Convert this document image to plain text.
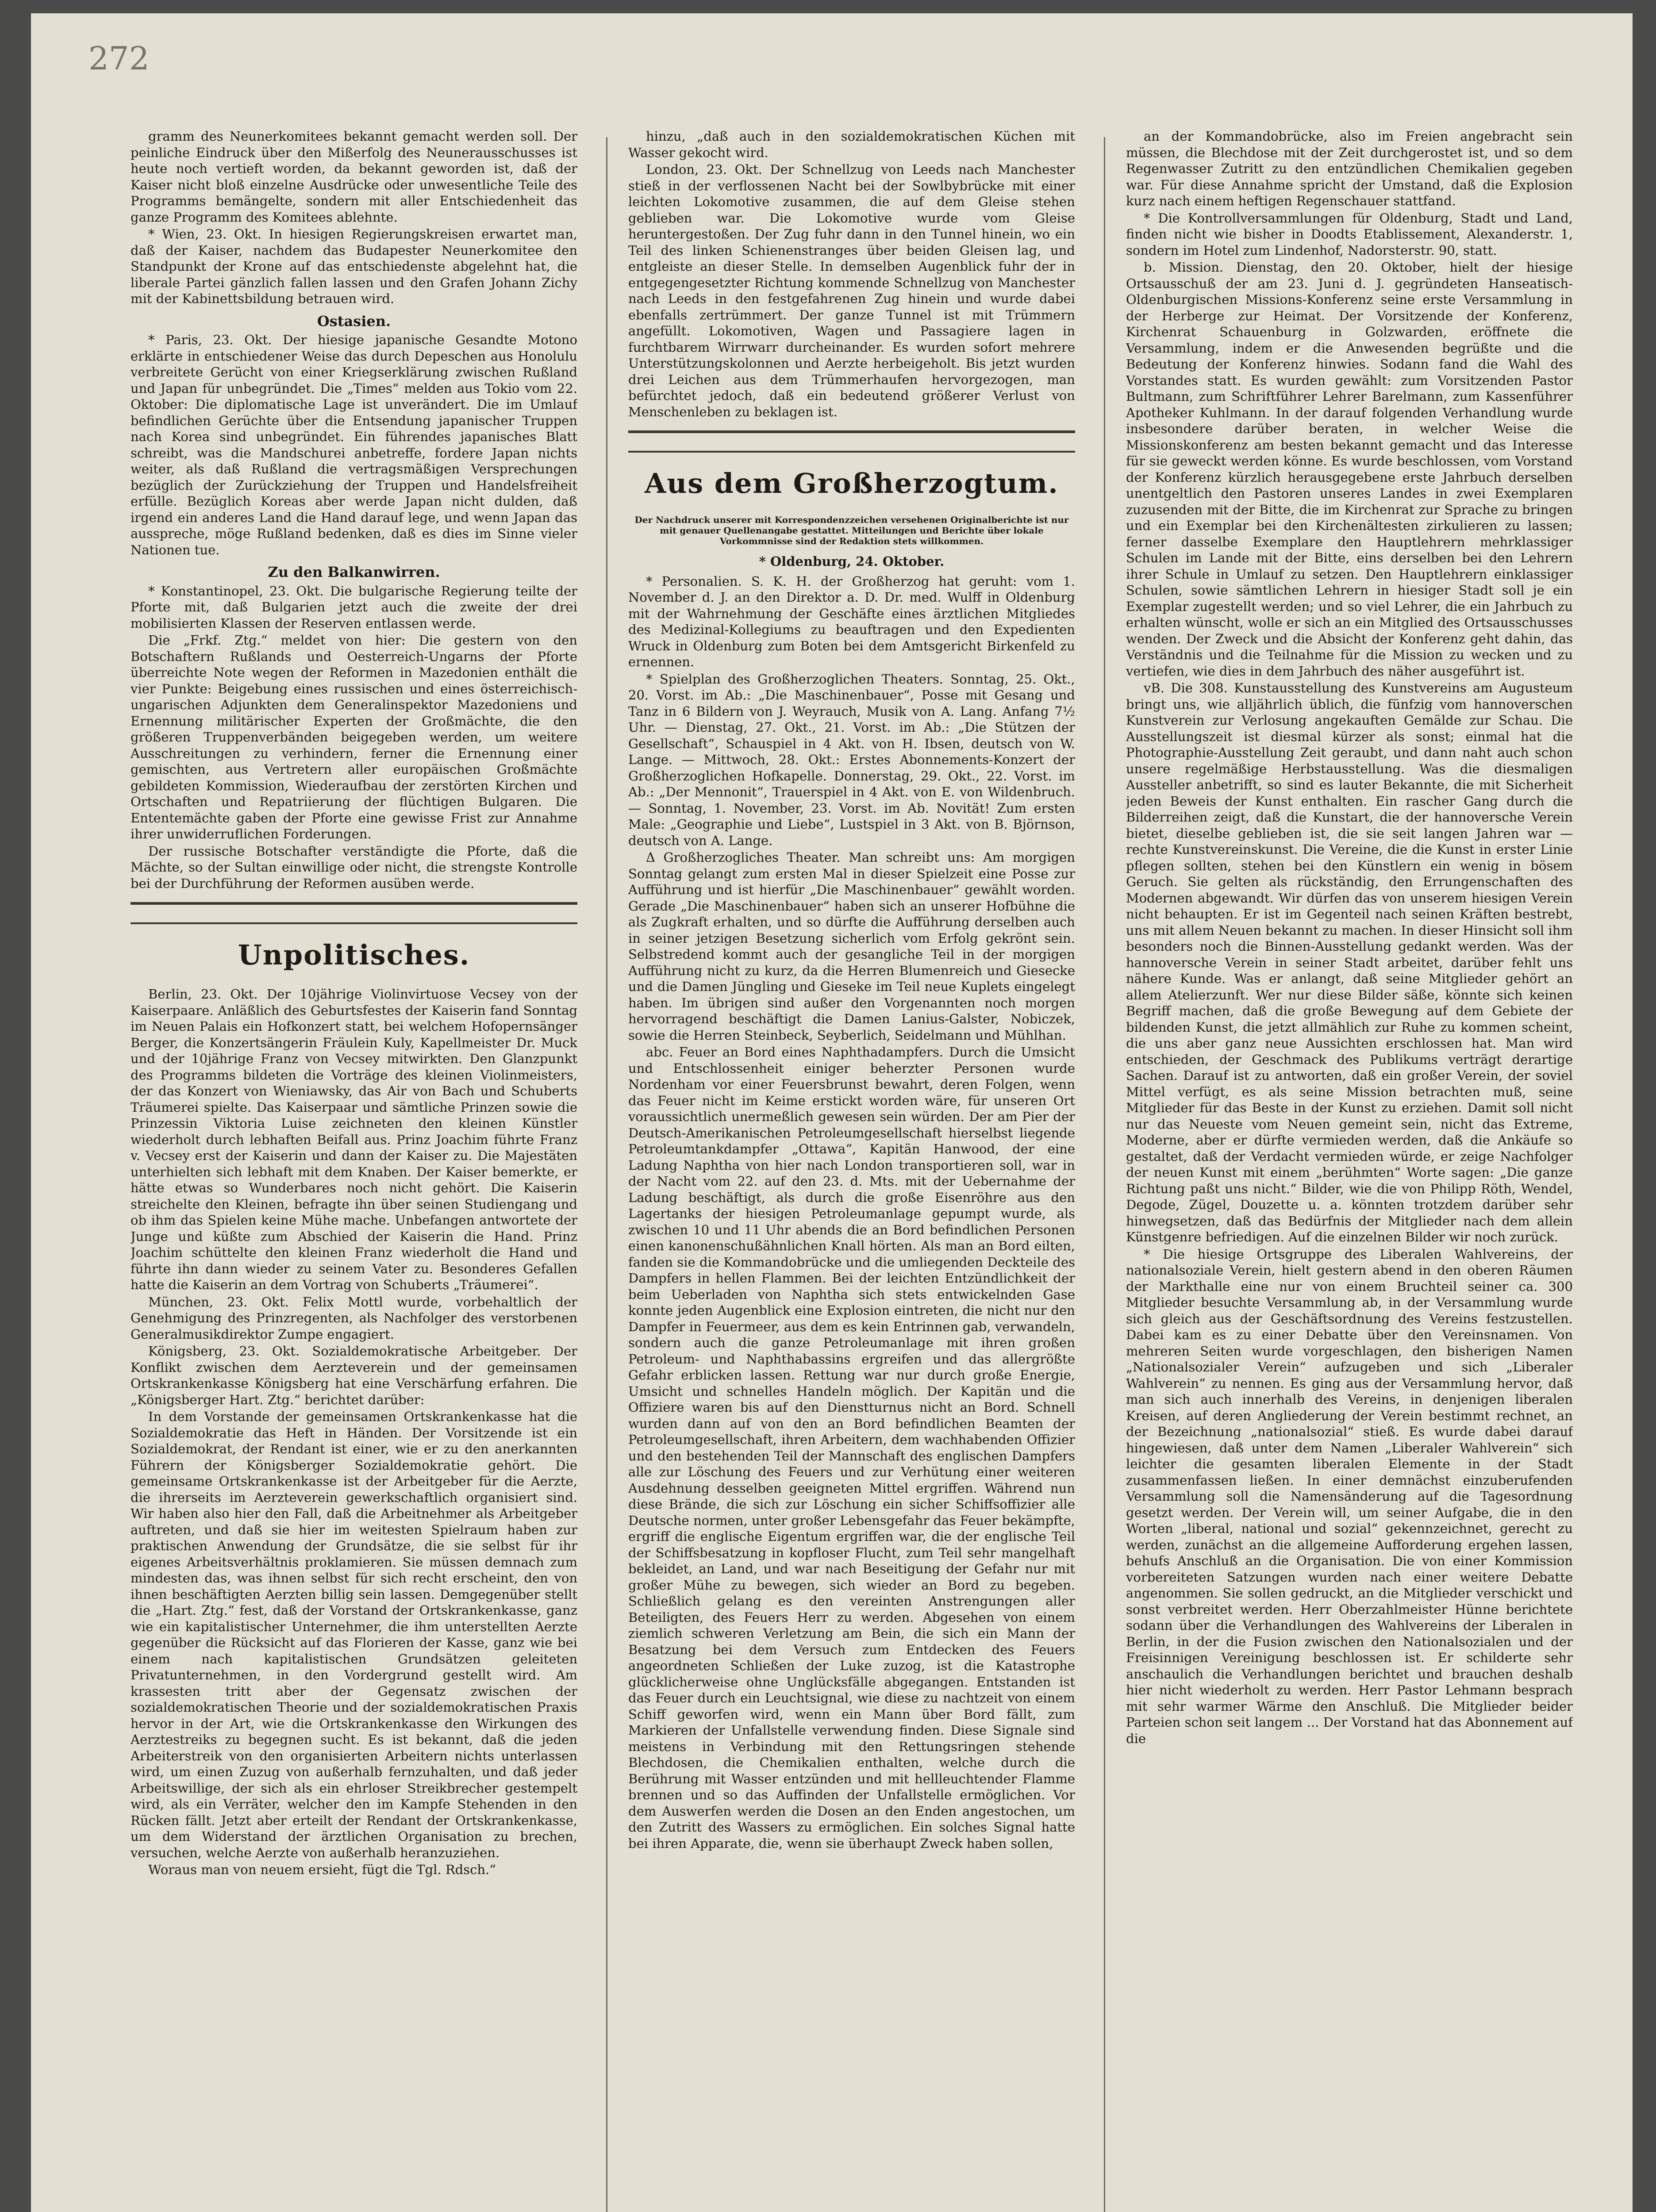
272

gramm des Neunerkomitees bekannt gemacht werden soll. Der peinliche Eindruck über den Mißerfolg des Neunerausschusses ist heute noch vertieft worden, da bekannt geworden ist, daß der Kaiser nicht bloß einzelne Ausdrücke oder unwesentliche Teile des Programms bemängelte, sondern mit aller Entschiedenheit das ganze Programm des Komitees ablehnte.

* Wien, 23. Okt. In hiesigen Regierungskreisen erwartet man, daß der Kaiser, nachdem das Budapester Neunerkomitee den Standpunkt der Krone auf das entschiedenste abgelehnt hat, die liberale Partei gänzlich fallen lassen und den Grafen Johann Zichy mit der Kabinettsbildung betrauen wird.

Ostasien.

* Paris, 23. Okt. Der hiesige japanische Gesandte Motono erklärte in entschiedener Weise das durch Depeschen aus Honolulu verbreitete Gerücht von einer Kriegserklärung zwischen Rußland und Japan für unbegründet. Die „Times“ melden aus Tokio vom 22. Oktober: Die diplomatische Lage ist unverändert. Die im Umlauf befindlichen Gerüchte über die Entsendung japanischer Truppen nach Korea sind unbegründet. Ein führendes japanisches Blatt schreibt, was die Mandschurei anbetreffe, fordere Japan nichts weiter, als daß Rußland die vertragsmäßigen Versprechungen bezüglich der Zurückziehung der Truppen und Handelsfreiheit erfülle. Bezüglich Koreas aber werde Japan nicht dulden, daß irgend ein anderes Land die Hand darauf lege, und wenn Japan das ausspreche, möge Rußland bedenken, daß es dies im Sinne vieler Nationen tue.

Zu den Balkanwirren.

* Konstantinopel, 23. Okt. Die bulgarische Regierung teilte der Pforte mit, daß Bulgarien jetzt auch die zweite der drei mobilisierten Klassen der Reserven entlassen werde.

Die „Frkf. Ztg.“ meldet von hier: Die gestern von den Botschaftern Rußlands und Oesterreich-Ungarns der Pforte überreichte Note wegen der Reformen in Mazedonien enthält die vier Punkte: Beigebung eines russischen und eines österreichisch-ungarischen Adjunkten dem Generalinspektor Mazedoniens und Ernennung militärischer Experten der Großmächte, die den größeren Truppenverbänden beigegeben werden, um weitere Ausschreitungen zu verhindern, ferner die Ernennung einer gemischten, aus Vertretern aller europäischen Großmächte gebildeten Kommission, Wiederaufbau der zerstörten Kirchen und Ortschaften und Repatriierung der flüchtigen Bulgaren. Die Ententemächte gaben der Pforte eine gewisse Frist zur Annahme ihrer unwiderruflichen Forderungen.

Der russische Botschafter verständigte die Pforte, daß die Mächte, so der Sultan einwillige oder nicht, die strengste Kontrolle bei der Durchführung der Reformen ausüben werde.

Unpolitisches.

Berlin, 23. Okt. Der 10jährige Violinvirtuose Vecsey von der Kaiserpaare. Anläßlich des Geburtsfestes der Kaiserin fand Sonntag im Neuen Palais ein Hofkonzert statt, bei welchem Hofopernsänger Berger, die Konzertsängerin Fräulein Kuly, Kapellmeister Dr. Muck und der 10jährige Franz von Vecsey mitwirkten. Den Glanzpunkt des Programms bildeten die Vorträge des kleinen Violinmeisters, der das Konzert von Wieniawsky, das Air von Bach und Schuberts Träumerei spielte. Das Kaiserpaar und sämtliche Prinzen sowie die Prinzessin Viktoria Luise zeichneten den kleinen Künstler wiederholt durch lebhaften Beifall aus. Prinz Joachim führte Franz v. Vecsey erst der Kaiserin und dann der Kaiser zu. Die Majestäten unterhielten sich lebhaft mit dem Knaben. Der Kaiser bemerkte, er hätte etwas so Wunderbares noch nicht gehört. Die Kaiserin streichelte den Kleinen, befragte ihn über seinen Studiengang und ob ihm das Spielen keine Mühe mache. Unbefangen antwortete der Junge und küßte zum Abschied der Kaiserin die Hand. Prinz Joachim schüttelte den kleinen Franz wiederholt die Hand und führte ihn dann wieder zu seinem Vater zu. Besonderes Gefallen hatte die Kaiserin an dem Vortrag von Schuberts „Träumerei“.

München, 23. Okt. Felix Mottl wurde, vorbehaltlich der Genehmigung des Prinzregenten, als Nachfolger des verstorbenen Generalmusikdirektor Zumpe engagiert.

Königsberg, 23. Okt. Sozialdemokratische Arbeitgeber. Der Konflikt zwischen dem Aerzteverein und der gemeinsamen Ortskrankenkasse Königsberg hat eine Verschärfung erfahren. Die „Königsberger Hart. Ztg.“ berichtet darüber:

In dem Vorstande der gemeinsamen Ortskrankenkasse hat die Sozialdemokratie das Heft in Händen. Der Vorsitzende ist ein Sozialdemokrat, der Rendant ist einer, wie er zu den anerkannten Führern der Königsberger Sozialdemokratie gehört. Die gemeinsame Ortskrankenkasse ist der Arbeitgeber für die Aerzte, die ihrerseits im Aerzteverein gewerkschaftlich organisiert sind. Wir haben also hier den Fall, daß die Arbeitnehmer als Arbeitgeber auftreten, und daß sie hier im weitesten Spielraum haben zur praktischen Anwendung der Grundsätze, die sie selbst für ihr eigenes Arbeitsverhältnis proklamieren. Sie müssen demnach zum mindesten das, was ihnen selbst für sich recht erscheint, den von ihnen beschäftigten Aerzten billig sein lassen. Demgegenüber stellt die „Hart. Ztg.“ fest, daß der Vorstand der Ortskrankenkasse, ganz wie ein kapitalistischer Unternehmer, die ihm unterstellten Aerzte gegenüber die Rücksicht auf das Florieren der Kasse, ganz wie bei einem nach kapitalistischen Grundsätzen geleiteten Privatunternehmen, in den Vordergrund gestellt wird. Am krassesten tritt aber der Gegensatz zwischen der sozialdemokratischen Theorie und der sozialdemokratischen Praxis hervor in der Art, wie die Ortskrankenkasse den Wirkungen des Aerztestreiks zu begegnen sucht. Es ist bekannt, daß die jeden Arbeiterstreik von den organisierten Arbeitern nichts unterlassen wird, um einen Zuzug von außerhalb fernzuhalten, und daß jeder Arbeitswillige, der sich als ein ehrloser Streikbrecher gestempelt wird, als ein Verräter, welcher den im Kampfe Stehenden in den Rücken fällt. Jetzt aber erteilt der Rendant der Ortskrankenkasse, um dem Widerstand der ärztlichen Organisation zu brechen, versuchen, welche Aerzte von außerhalb heranzuziehen.

Woraus man von neuem ersieht, fügt die Tgl. Rdsch.“

hinzu, „daß auch in den sozialdemokratischen Küchen mit Wasser gekocht wird.

London, 23. Okt. Der Schnellzug von Leeds nach Manchester stieß in der verflossenen Nacht bei der Sowlbybrücke mit einer leichten Lokomotive zusammen, die auf dem Gleise stehen geblieben war. Die Lokomotive wurde vom Gleise heruntergestoßen. Der Zug fuhr dann in den Tunnel hinein, wo ein Teil des linken Schienenstranges über beiden Gleisen lag, und entgleiste an dieser Stelle. In demselben Augenblick fuhr der in entgegengesetzter Richtung kommende Schnellzug von Manchester nach Leeds in den festgefahrenen Zug hinein und wurde dabei ebenfalls zertrümmert. Der ganze Tunnel ist mit Trümmern angefüllt. Lokomotiven, Wagen und Passagiere lagen in furchtbarem Wirrwarr durcheinander. Es wurden sofort mehrere Unterstützungskolonnen und Aerzte herbeigeholt. Bis jetzt wurden drei Leichen aus dem Trümmerhaufen hervorgezogen, man befürchtet jedoch, daß ein bedeutend größerer Verlust von Menschenleben zu beklagen ist.

Aus dem Großherzogtum.
Der Nachdruck unserer mit Korrespondenzzeichen versehenen Originalberichte ist nur mit genauer Quellenangabe gestattet. Mitteilungen und Berichte über lokale Vorkommnisse sind der Redaktion stets willkommen.
* Oldenburg, 24. Oktober.

* Personalien. S. K. H. der Großherzog hat geruht: vom 1. November d. J. an den Direktor a. D. Dr. med. Wulff in Oldenburg mit der Wahrnehmung der Geschäfte eines ärztlichen Mitgliedes des Medizinal-Kollegiums zu beauftragen und den Expedienten Wruck in Oldenburg zum Boten bei dem Amtsgericht Birkenfeld zu ernennen.

* Spielplan des Großherzoglichen Theaters. Sonntag, 25. Okt., 20. Vorst. im Ab.: „Die Maschinenbauer“, Posse mit Gesang und Tanz in 6 Bildern von J. Weyrauch, Musik von A. Lang. Anfang 7½ Uhr. — Dienstag, 27. Okt., 21. Vorst. im Ab.: „Die Stützen der Gesellschaft“, Schauspiel in 4 Akt. von H. Ibsen, deutsch von W. Lange. — Mittwoch, 28. Okt.: Erstes Abonnements-Konzert der Großherzoglichen Hofkapelle. Donnerstag, 29. Okt., 22. Vorst. im Ab.: „Der Mennonit“, Trauerspiel in 4 Akt. von E. von Wildenbruch. — Sonntag, 1. November, 23. Vorst. im Ab. Novität! Zum ersten Male: „Geographie und Liebe“, Lustspiel in 3 Akt. von B. Björnson, deutsch von A. Lange.

Δ Großherzogliches Theater. Man schreibt uns: Am morgigen Sonntag gelangt zum ersten Mal in dieser Spielzeit eine Posse zur Aufführung und ist hierfür „Die Maschinenbauer“ gewählt worden. Gerade „Die Maschinenbauer“ haben sich an unserer Hofbühne die als Zugkraft erhalten, und so dürfte die Aufführung derselben auch in seiner jetzigen Besetzung sicherlich vom Erfolg gekrönt sein. Selbstredend kommt auch der gesangliche Teil in der morgigen Aufführung nicht zu kurz, da die Herren Blumenreich und Giesecke und die Damen Jüngling und Gieseke im Teil neue Kuplets eingelegt haben. Im übrigen sind außer den Vorgenannten noch morgen hervorragend beschäftigt die Damen Lanius-Galster, Nobiczek, sowie die Herren Steinbeck, Seyberlich, Seidelmann und Mühlhan.

abc. Feuer an Bord eines Naphthadampfers. Durch die Umsicht und Entschlossenheit einiger beherzter Personen wurde Nordenham vor einer Feuersbrunst bewahrt, deren Folgen, wenn das Feuer nicht im Keime erstickt worden wäre, für unseren Ort voraussichtlich unermeßlich gewesen sein würden. Der am Pier der Deutsch-Amerikanischen Petroleumgesellschaft hierselbst liegende Petroleumtankdampfer „Ottawa“, Kapitän Hanwood, der eine Ladung Naphtha von hier nach London transportieren soll, war in der Nacht vom 22. auf den 23. d. Mts. mit der Uebernahme der Ladung beschäftigt, als durch die große Eisenröhre aus den Lagertanks der hiesigen Petroleumanlage gepumpt wurde, als zwischen 10 und 11 Uhr abends die an Bord befindlichen Personen einen kanonenschußähnlichen Knall hörten. Als man an Bord eilten, fanden sie die Kommandobrücke und die umliegenden Deckteile des Dampfers in hellen Flammen. Bei der leichten Entzündlichkeit der beim Ueberladen von Naphtha sich stets entwickelnden Gase konnte jeden Augenblick eine Explosion eintreten, die nicht nur den Dampfer in Feuermeer, aus dem es kein Entrinnen gab, verwandeln, sondern auch die ganze Petroleumanlage mit ihren großen Petroleum- und Naphthabassins ergreifen und das allergrößte Gefahr erblicken lassen. Rettung war nur durch große Energie, Umsicht und schnelles Handeln möglich. Der Kapitän und die Offiziere waren bis auf den Dienstturnus nicht an Bord. Schnell wurden dann auf von den an Bord befindlichen Beamten der Petroleumgesellschaft, ihren Arbeitern, dem wachhabenden Offizier und den bestehenden Teil der Mannschaft des englischen Dampfers alle zur Löschung des Feuers und zur Verhütung einer weiteren Ausdehnung desselben geeigneten Mittel ergriffen. Während nun diese Brände, die sich zur Löschung ein sicher Schiffsoffizier alle Deutsche normen, unter großer Lebensgefahr das Feuer bekämpfte, ergriff die englische Eigentum ergriffen war, die der englische Teil der Schiffsbesatzung in kopfloser Flucht, zum Teil sehr mangelhaft bekleidet, an Land, und war nach Beseitigung der Gefahr nur mit großer Mühe zu bewegen, sich wieder an Bord zu begeben. Schließlich gelang es den vereinten Anstrengungen aller Beteiligten, des Feuers Herr zu werden. Abgesehen von einem ziemlich schweren Verletzung am Bein, die sich ein Mann der Besatzung bei dem Versuch zum Entdecken des Feuers angeordneten Schließen der Luke zuzog, ist die Katastrophe glücklicherweise ohne Unglücksfälle abgegangen. Entstanden ist das Feuer durch ein Leuchtsignal, wie diese zu nachtzeit von einem Schiff geworfen wird, wenn ein Mann über Bord fällt, zum Markieren der Unfallstelle verwendung finden. Diese Signale sind meistens in Verbindung mit den Rettungsringen stehende Blechdosen, die Chemikalien enthalten, welche durch die Berührung mit Wasser entzünden und mit hellleuchtender Flamme brennen und so das Auffinden der Unfallstelle ermöglichen. Vor dem Auswerfen werden die Dosen an den Enden angestochen, um den Zutritt des Wassers zu ermöglichen. Ein solches Signal hatte bei ihren Apparate, die, wenn sie überhaupt Zweck haben sollen,

an der Kommandobrücke, also im Freien angebracht sein müssen, die Blechdose mit der Zeit durchgerostet ist, und so dem Regenwasser Zutritt zu den entzündlichen Chemikalien gegeben war. Für diese Annahme spricht der Umstand, daß die Explosion kurz nach einem heftigen Regenschauer stattfand.

* Die Kontrollversammlungen für Oldenburg, Stadt und Land, finden nicht wie bisher in Doodts Etablissement, Alexanderstr. 1, sondern im Hotel zum Lindenhof, Nadorsterstr. 90, statt.

b. Mission. Dienstag, den 20. Oktober, hielt der hiesige Ortsausschuß der am 23. Juni d. J. gegründeten Hanseatisch-Oldenburgischen Missions-Konferenz seine erste Versammlung in der Herberge zur Heimat. Der Vorsitzende der Konferenz, Kirchenrat Schauenburg in Golzwarden, eröffnete die Versammlung, indem er die Anwesenden begrüßte und die Bedeutung der Konferenz hinwies. Sodann fand die Wahl des Vorstandes statt. Es wurden gewählt: zum Vorsitzenden Pastor Bultmann, zum Schriftführer Lehrer Barelmann, zum Kassenführer Apotheker Kuhlmann. In der darauf folgenden Verhandlung wurde insbesondere darüber beraten, in welcher Weise die Missionskonferenz am besten bekannt gemacht und das Interesse für sie geweckt werden könne. Es wurde beschlossen, vom Vorstand der Konferenz kürzlich herausgegebene erste Jahrbuch derselben unentgeltlich den Pastoren unseres Landes in zwei Exemplaren zuzusenden mit der Bitte, die im Kirchenrat zur Sprache zu bringen und ein Exemplar bei den Kirchenältesten zirkulieren zu lassen; ferner dasselbe Exemplare den Hauptlehrern mehrklassiger Schulen im Lande mit der Bitte, eins derselben bei den Lehrern ihrer Schule in Umlauf zu setzen. Den Hauptlehrern einklassiger Schulen, sowie sämtlichen Lehrern in hiesiger Stadt soll je ein Exemplar zugestellt werden; und so viel Lehrer, die ein Jahrbuch zu erhalten wünscht, wolle er sich an ein Mitglied des Ortsausschusses wenden. Der Zweck und die Absicht der Konferenz geht dahin, das Verständnis und die Teilnahme für die Mission zu wecken und zu vertiefen, wie dies in dem Jahrbuch des näher ausgeführt ist.

vB. Die 308. Kunstausstellung des Kunstvereins am Augusteum bringt uns, wie alljährlich üblich, die fünfzig vom hannoverschen Kunstverein zur Verlosung angekauften Gemälde zur Schau. Die Ausstellungszeit ist diesmal kürzer als sonst; einmal hat die Photographie-Ausstellung Zeit geraubt, und dann naht auch schon unsere regelmäßige Herbstausstellung. Was die diesmaligen Aussteller anbetrifft, so sind es lauter Bekannte, die mit Sicherheit jeden Beweis der Kunst enthalten. Ein rascher Gang durch die Bilderreihen zeigt, daß die Kunstart, die der hannoversche Verein bietet, dieselbe geblieben ist, die sie seit langen Jahren war — rechte Kunstvereinskunst. Die Vereine, die die Kunst in erster Linie pflegen sollten, stehen bei den Künstlern ein wenig in bösem Geruch. Sie gelten als rückständig, den Errungenschaften des Modernen abgewandt. Wir dürfen das von unserem hiesigen Verein nicht behaupten. Er ist im Gegenteil nach seinen Kräften bestrebt, uns mit allem Neuen bekannt zu machen. In dieser Hinsicht soll ihm besonders noch die Binnen-Ausstellung gedankt werden. Was der hannoversche Verein in seiner Stadt arbeitet, darüber fehlt uns nähere Kunde. Was er anlangt, daß seine Mitglieder gehört an allem Atelierzunft. Wer nur diese Bilder säße, könnte sich keinen Begriff machen, daß die große Bewegung auf dem Gebiete der bildenden Kunst, die jetzt allmählich zur Ruhe zu kommen scheint, die uns aber ganz neue Aussichten erschlossen hat. Man wird entschieden, der Geschmack des Publikums verträgt derartige Sachen. Darauf ist zu antworten, daß ein großer Verein, der soviel Mittel verfügt, es als seine Mission betrachten muß, seine Mitglieder für das Beste in der Kunst zu erziehen. Damit soll nicht nur das Neueste vom Neuen gemeint sein, nicht das Extreme, Moderne, aber er dürfte vermieden werden, daß die Ankäufe so gestaltet, daß der Verdacht vermieden würde, er zeige Nachfolger der neuen Kunst mit einem „berühmten“ Worte sagen: „Die ganze Richtung paßt uns nicht.“ Bilder, wie die von Philipp Röth, Wendel, Degode, Zügel, Douzette u. a. könnten trotzdem darüber sehr hinwegsetzen, daß das Bedürfnis der Mitglieder nach dem allein Künstgenre befriedigen. Auf die einzelnen Bilder wir noch zurück.

* Die hiesige Ortsgruppe des Liberalen Wahlvereins, der nationalsoziale Verein, hielt gestern abend in den oberen Räumen der Markthalle eine nur von einem Bruchteil seiner ca. 300 Mitglieder besuchte Versammlung ab, in der Versammlung wurde sich gleich aus der Geschäftsordnung des Vereins festzustellen. Dabei kam es zu einer Debatte über den Vereinsnamen. Von mehreren Seiten wurde vorgeschlagen, den bisherigen Namen „Nationalsozialer Verein“ aufzugeben und sich „Liberaler Wahlverein“ zu nennen. Es ging aus der Versammlung hervor, daß man sich auch innerhalb des Vereins, in denjenigen liberalen Kreisen, auf deren Angliederung der Verein bestimmt rechnet, an der Bezeichnung „nationalsozial“ stieß. Es wurde dabei darauf hingewiesen, daß unter dem Namen „Liberaler Wahlverein“ sich leichter die gesamten liberalen Elemente in der Stadt zusammenfassen ließen. In einer demnächst einzuberufenden Versammlung soll die Namensänderung auf die Tagesordnung gesetzt werden. Der Verein will, um seiner Aufgabe, die in den Worten „liberal, national und sozial“ gekennzeichnet, gerecht zu werden, zunächst an die allgemeine Aufforderung ergehen lassen, behufs Anschluß an die Organisation. Die von einer Kommission vorbereiteten Satzungen wurden nach einer weitere Debatte angenommen. Sie sollen gedruckt, an die Mitglieder verschickt und sonst verbreitet werden. Herr Oberzahlmeister Hünne berichtete sodann über die Verhandlungen des Wahlvereins der Liberalen in Berlin, in der die Fusion zwischen den Nationalsozialen und der Freisinnigen Vereinigung beschlossen ist. Er schilderte sehr anschaulich die Verhandlungen berichtet und brauchen deshalb hier nicht wiederholt zu werden. Herr Pastor Lehmann besprach mit sehr warmer Wärme den Anschluß. Die Mitglieder beider Parteien schon seit langem ... Der Vorstand hat das Abonnement auf die
